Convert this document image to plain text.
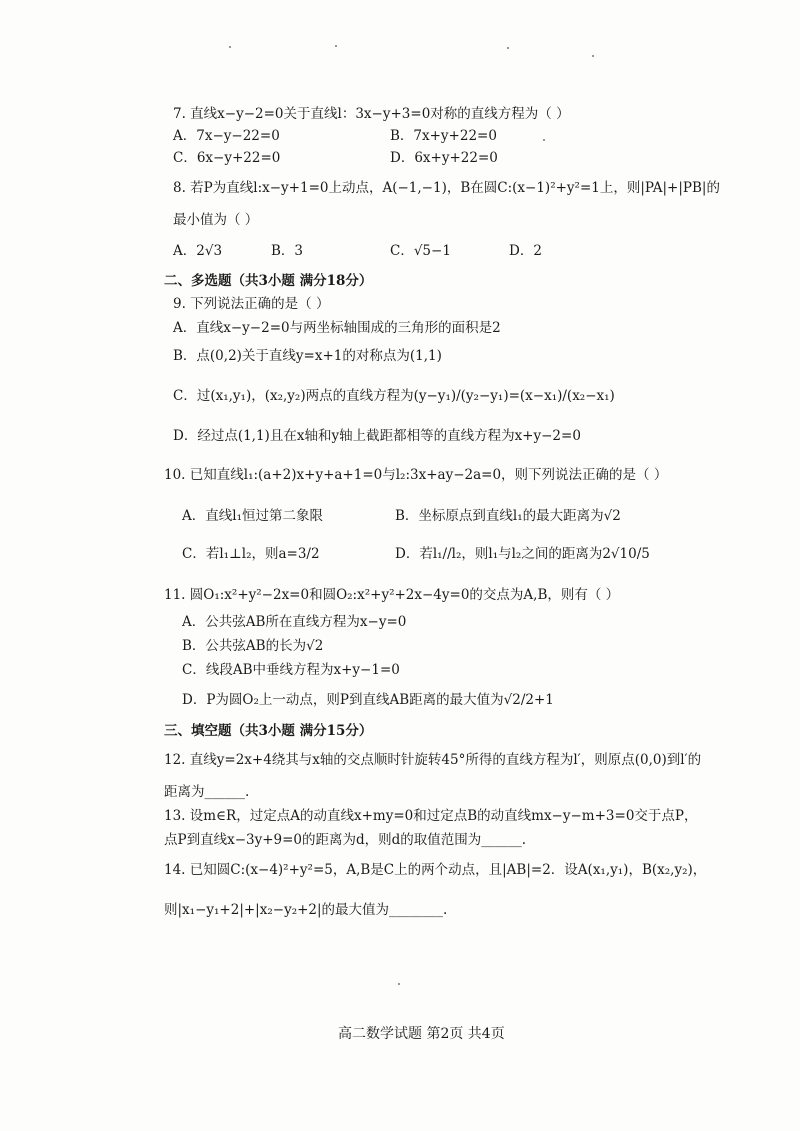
7. 直线x−y−2=0关于直线l：3x−y+3=0对称的直线方程为（ ）
A．7x−y−22=0	B．7x+y+22=0
C．6x−y+22=0	D．6x+y+22=0
8. 若P为直线l:x−y+1=0上动点，A(−1,−1)，B在圆C:(x−1)²+y²=1上，则|PA|+|PB|的
最小值为（ ）
A．2√3	B．3	C．√5−1	D．2
二、多选题（共3小题 满分18分）
9. 下列说法正确的是（ ）
A．直线x−y−2=0与两坐标轴围成的三角形的面积是2
B．点(0,2)关于直线y=x+1的对称点为(1,1)
C．过(x₁,y₁)，(x₂,y₂)两点的直线方程为(y−y₁)/(y₂−y₁)=(x−x₁)/(x₂−x₁)
D．经过点(1,1)且在x轴和y轴上截距都相等的直线方程为x+y−2=0
10. 已知直线l₁:(a+2)x+y+a+1=0与l₂:3x+ay−2a=0，则下列说法正确的是（ ）
A．直线l₁恒过第二象限	B．坐标原点到直线l₁的最大距离为√2
C．若l₁⊥l₂，则a=3/2	D．若l₁//l₂，则l₁与l₂之间的距离为2√10/5
11. 圆O₁:x²+y²−2x=0和圆O₂:x²+y²+2x−4y=0的交点为A,B，则有（ ）
A．公共弦AB所在直线方程为x−y=0
B．公共弦AB的长为√2
C．线段AB中垂线方程为x+y−1=0
D．P为圆O₂上一动点，则P到直线AB距离的最大值为√2/2+1
三、填空题（共3小题 满分15分）
12. 直线y=2x+4绕其与x轴的交点顺时针旋转45°所得的直线方程为l′，则原点(0,0)到l′的
距离为______.
13. 设m∈R，过定点A的动直线x+my=0和过定点B的动直线mx−y−m+3=0交于点P，
点P到直线x−3y+9=0的距离为d，则d的取值范围为______.
14. 已知圆C:(x−4)²+y²=5，A,B是C上的两个动点，且|AB|=2．设A(x₁,y₁)，B(x₂,y₂)，
则|x₁−y₁+2|+|x₂−y₂+2|的最大值为________.
高二数学试题 第2页 共4页
